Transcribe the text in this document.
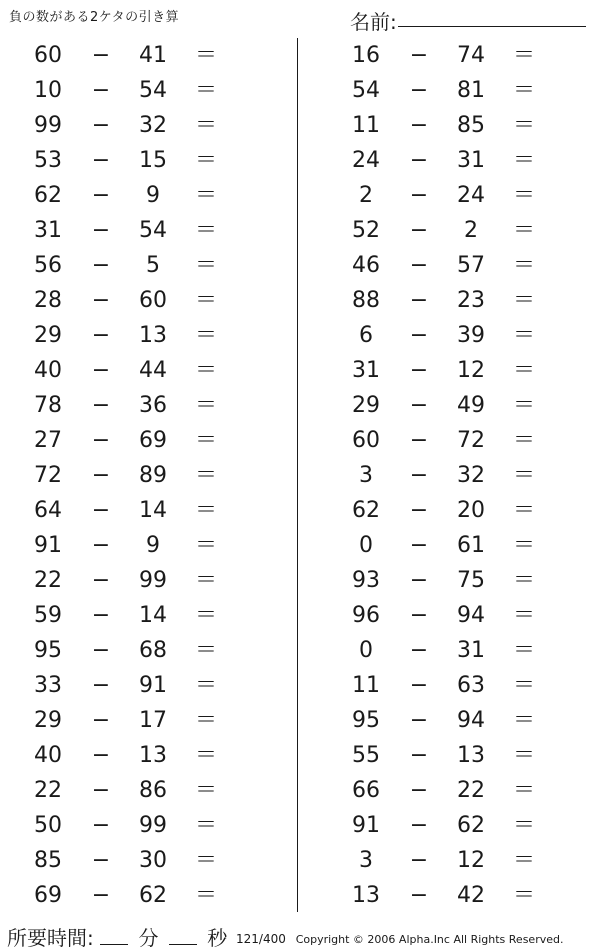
負の数がある2ケタの引き算	名前:
60	−	41	＝
10	−	54	＝
99	−	32	＝
53	−	15	＝
62	−	9	＝
31	−	54	＝
56	−	5	＝
28	−	60	＝
29	−	13	＝
40	−	44	＝
78	−	36	＝
27	−	69	＝
72	−	89	＝
64	−	14	＝
91	−	9	＝
22	−	99	＝
59	−	14	＝
95	−	68	＝
33	−	91	＝
29	−	17	＝
40	−	13	＝
22	−	86	＝
50	−	99	＝
85	−	30	＝
69	−	62	＝
16	−	74	＝
54	−	81	＝
11	−	85	＝
24	−	31	＝
2	−	24	＝
52	−	2	＝
46	−	57	＝
88	−	23	＝
6	−	39	＝
31	−	12	＝
29	−	49	＝
60	−	72	＝
3	−	32	＝
62	−	20	＝
0	−	61	＝
93	−	75	＝
96	−	94	＝
0	−	31	＝
11	−	63	＝
95	−	94	＝
55	−	13	＝
66	−	22	＝
91	−	62	＝
3	−	12	＝
13	−	42	＝
所要時間: 分 秒 121/400 Copyright © 2006 Alpha.Inc All Rights Reserved.
